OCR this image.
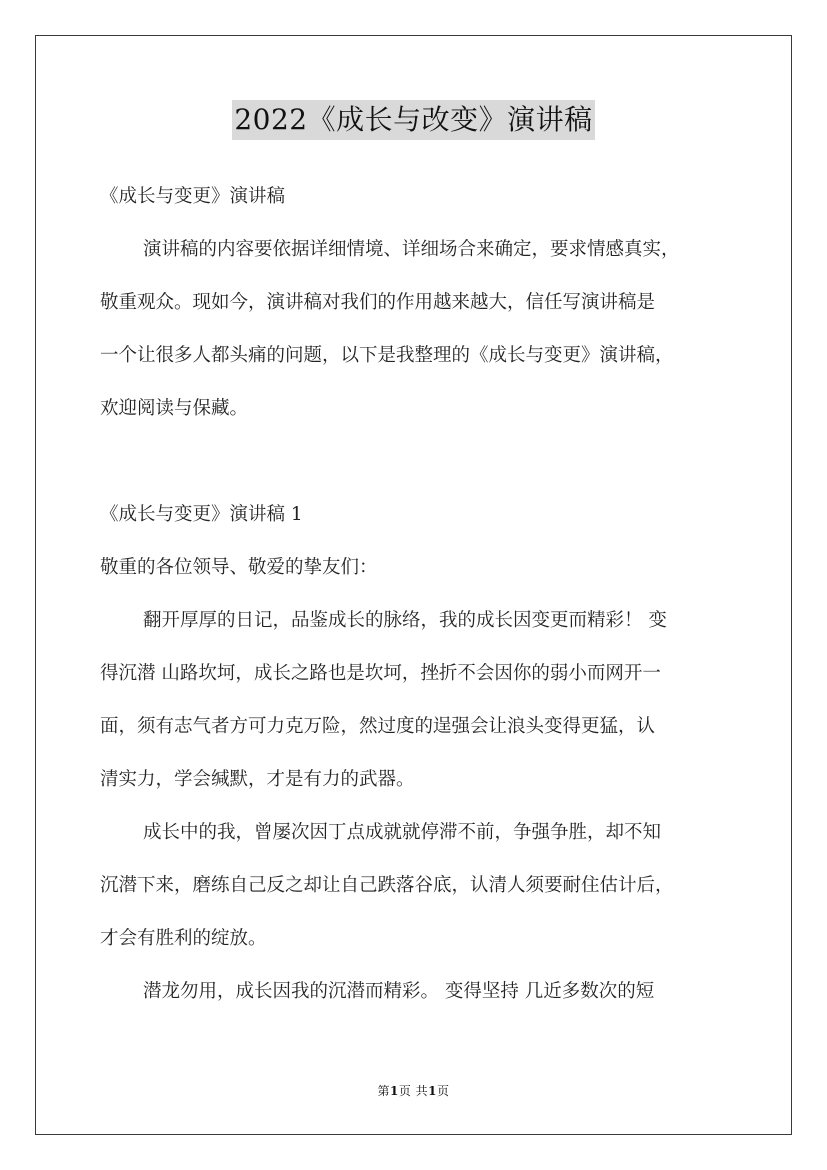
2022《成长与改变》演讲稿
《成长与变更》演讲稿
演讲稿的内容要依据详细情境、详细场合来确定，要求情感真实，
敬重观众。现如今，演讲稿对我们的作用越来越大，信任写演讲稿是
一个让很多人都头痛的问题，以下是我整理的《成长与变更》演讲稿，
欢迎阅读与保藏。
《成长与变更》演讲稿 1
敬重的各位领导、敬爱的挚友们：
翻开厚厚的日记，品鉴成长的脉络，我的成长因变更而精彩！ 变
得沉潜 山路坎坷，成长之路也是坎坷，挫折不会因你的弱小而网开一
面，须有志气者方可力克万险，然过度的逞强会让浪头变得更猛，认
清实力，学会缄默，才是有力的武器。
成长中的我，曾屡次因丁点成就就停滞不前，争强争胜，却不知
沉潜下来，磨练自己反之却让自己跌落谷底，认清人须要耐住估计后，
才会有胜利的绽放。
潜龙勿用，成长因我的沉潜而精彩。 变得坚持 几近多数次的短
第1页 共1页
